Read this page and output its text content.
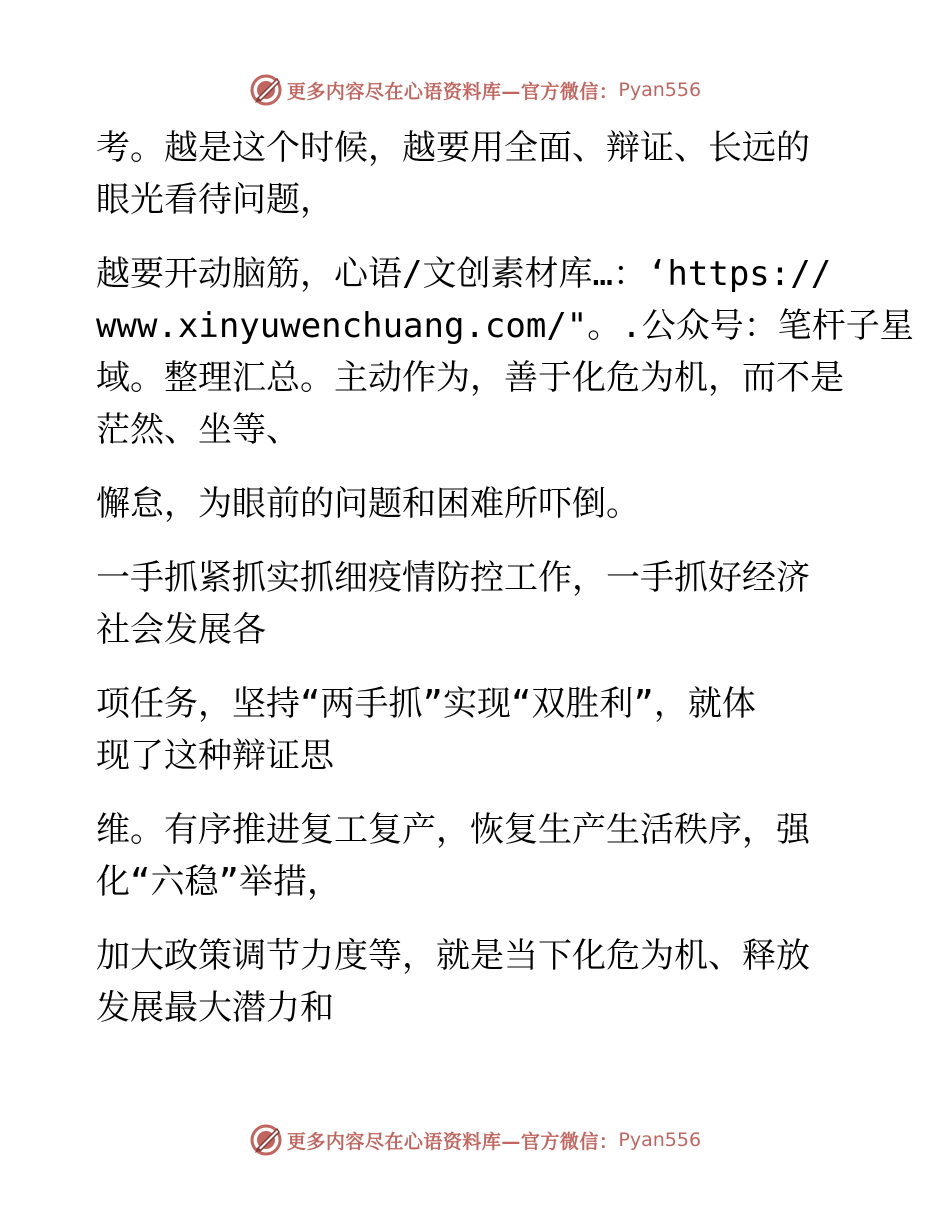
更多内容尽在心语资料库—官方微信： Pyan556
考。越是这个时候，越要用全面、辩证、长远的
眼光看待问题，
越要开动脑筋，心语/文创素材库…：‘https://
www.xinyuwenchuang.com/"。.公众号：笔杆子星
域。整理汇总。主动作为，善于化危为机，而不是
茫然、坐等、
懈怠，为眼前的问题和困难所吓倒。
一手抓紧抓实抓细疫情防控工作，一手抓好经济
社会发展各
项任务，坚持“两手抓”实现“双胜利”，就体
现了这种辩证思
维。有序推进复工复产，恢复生产生活秩序，强
化“六稳”举措，
加大政策调节力度等，就是当下化危为机、释放
发展最大潜力和
更多内容尽在心语资料库—官方微信： Pyan556
